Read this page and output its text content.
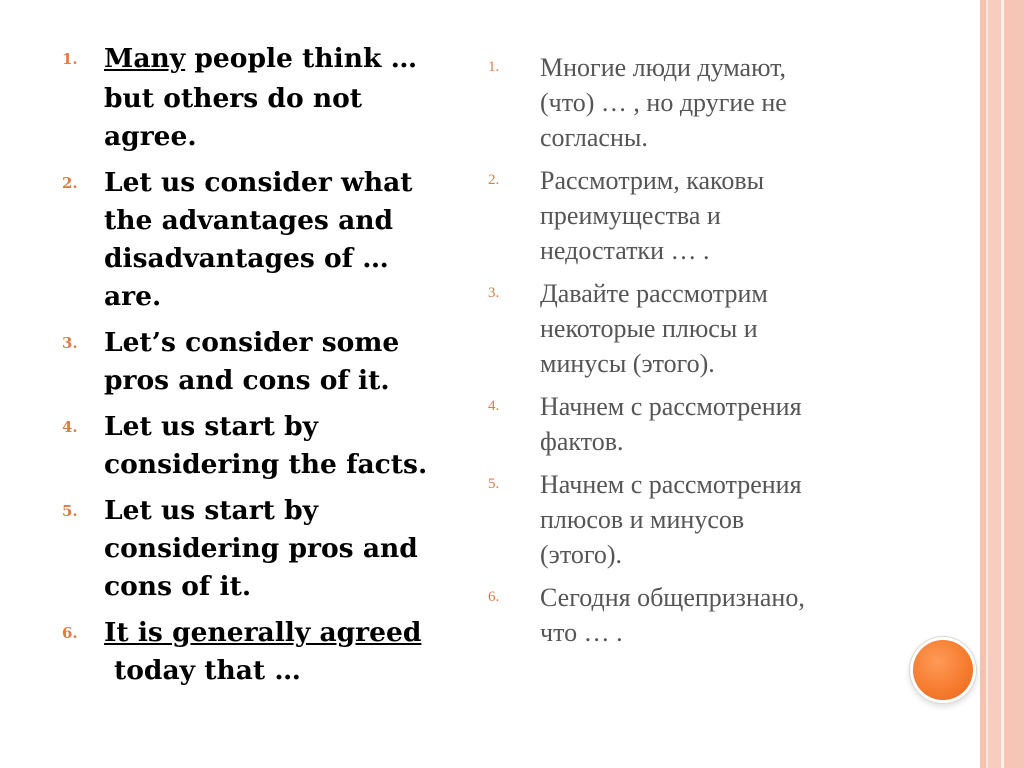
1. Many people think …
but others do not
agree.
2. Let us consider what
the advantages and
disadvantages of …
are.
3. Let’s consider some
pros and cons of it.
4. Let us start by
considering the facts.
5. Let us start by
considering pros and
cons of it.
6. It is generally agreed
today that …
1. Многие люди думают,
(что) … , но другие не
согласны.
2. Рассмотрим, каковы
преимущества и
недостатки … .
3. Давайте рассмотрим
некоторые плюсы и
минусы (этого).
4. Начнем с рассмотрения
фактов.
5. Начнем с рассмотрения
плюсов и минусов
(этого).
6. Сегодня общепризнано,
что … .
